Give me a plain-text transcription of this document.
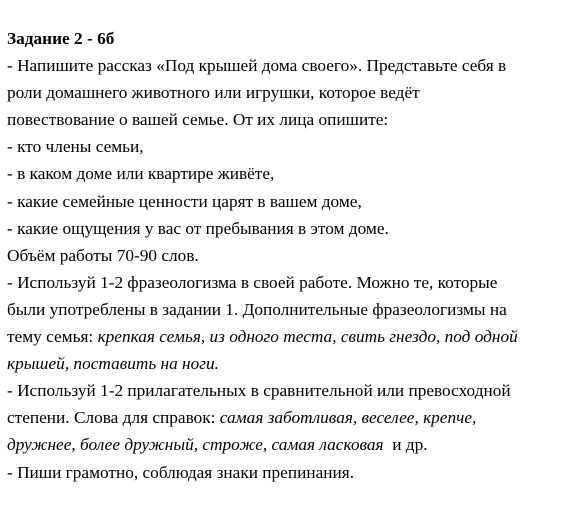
Задание 2 - 6б
- Напишите рассказ «Под крышей дома своего». Представьте себя в
роли домашнего животного или игрушки, которое ведёт
повествование о вашей семье. От их лица опишите:
- кто члены семьи,
- в каком доме или квартире живёте,
- какие семейные ценности царят в вашем доме,
- какие ощущения у вас от пребывания в этом доме.
Объём работы 70-90 слов.
- Используй 1-2 фразеологизма в своей работе. Можно те, которые
были употреблены в задании 1. Дополнительные фразеологизмы на
тему семья: крепкая семья, из одного теста, свить гнездо, под одной
крышей, поставить на ноги.
- Используй 1-2 прилагательных в сравнительной или превосходной
степени. Слова для справок: самая заботливая, веселее, крепче,
дружнее, более дружный, строже, самая ласковая  и др.
- Пиши грамотно, соблюдая знаки препинания.
